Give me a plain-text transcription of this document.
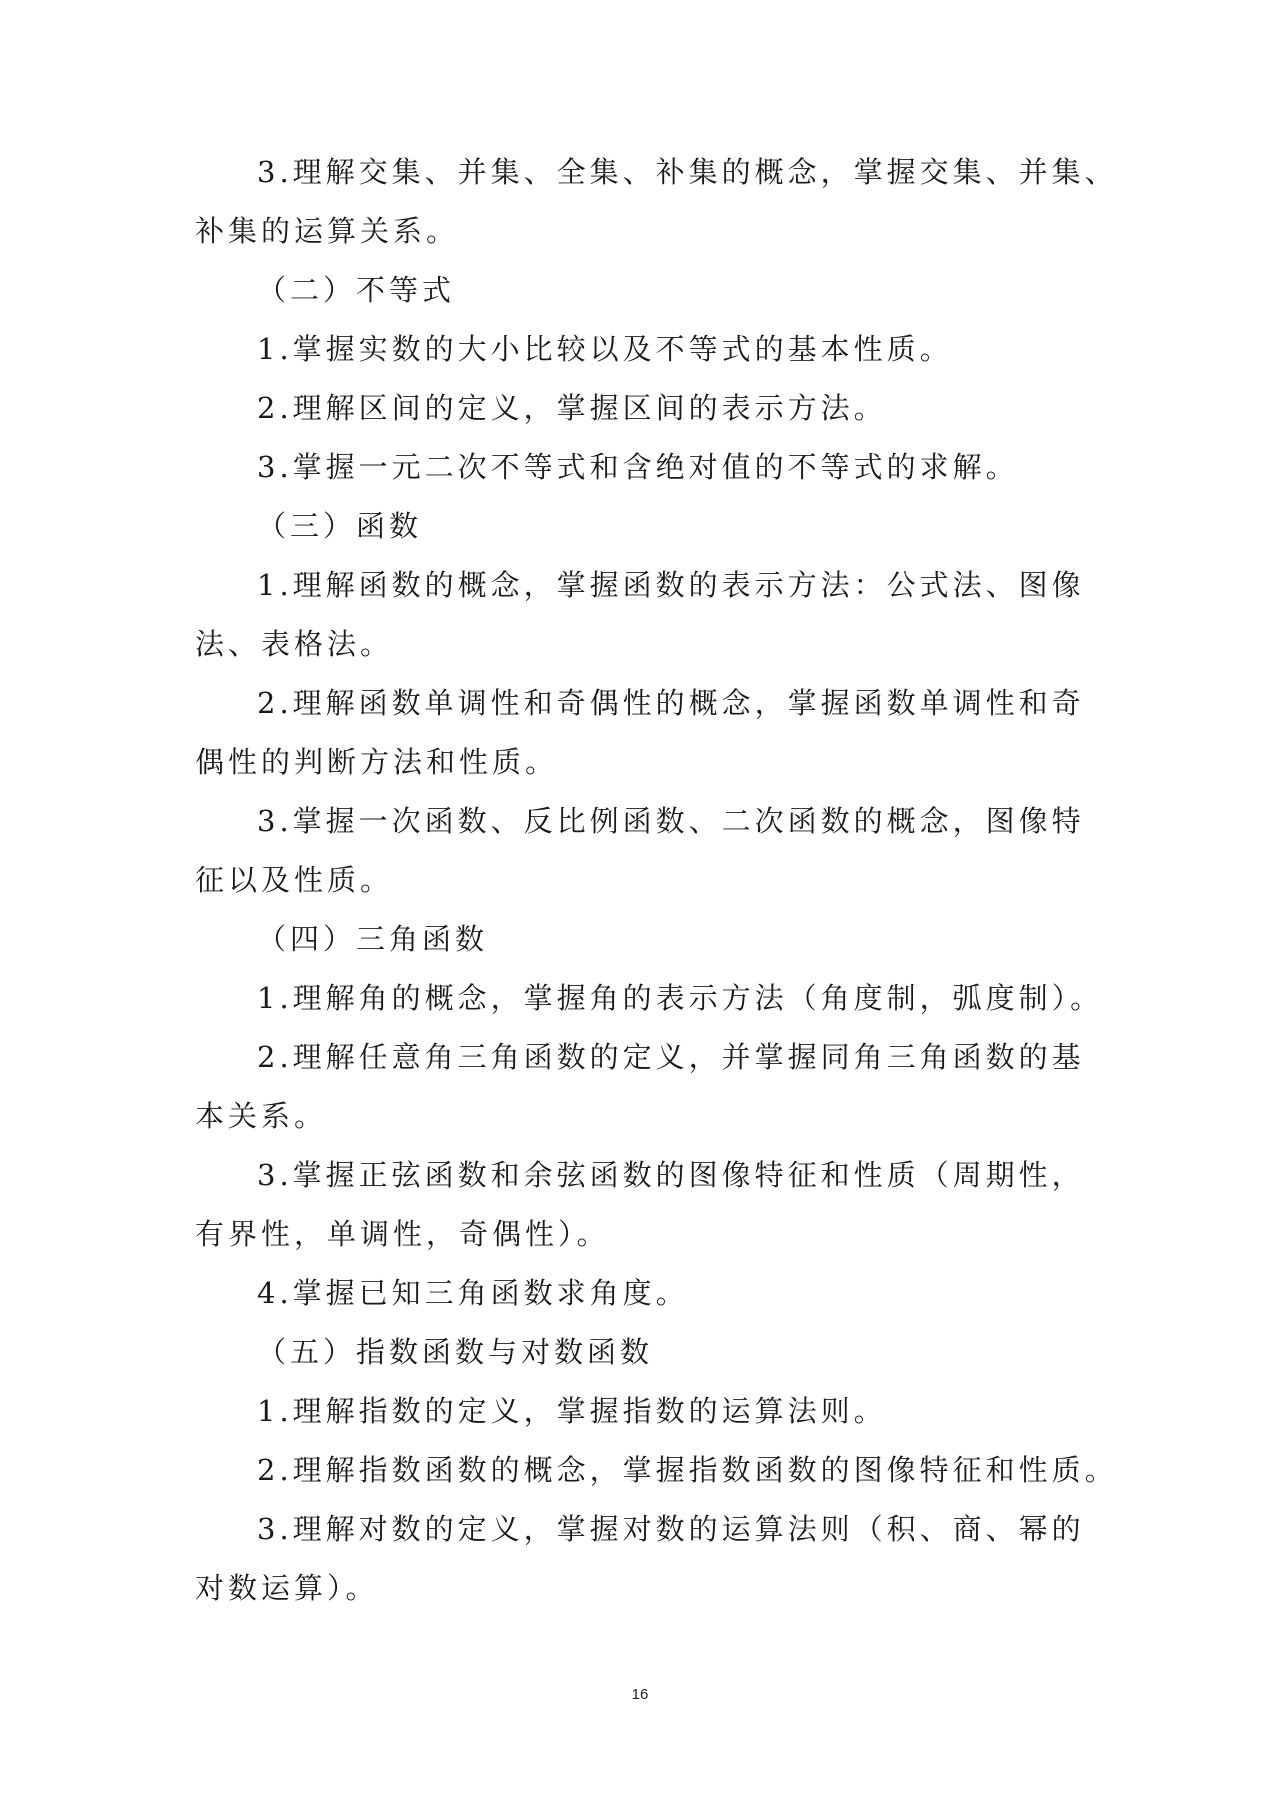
3.理解交集、并集、全集、补集的概念，掌握交集、并集、

补集的运算关系。

（二）不等式

1.掌握实数的大小比较以及不等式的基本性质。

2.理解区间的定义，掌握区间的表示方法。

3.掌握一元二次不等式和含绝对值的不等式的求解。

（三）函数

1.理解函数的概念，掌握函数的表示方法：公式法、图像

法、表格法。

2.理解函数单调性和奇偶性的概念，掌握函数单调性和奇

偶性的判断方法和性质。

3.掌握一次函数、反比例函数、二次函数的概念，图像特

征以及性质。

（四）三角函数

1.理解角的概念，掌握角的表示方法（角度制，弧度制）。

2.理解任意角三角函数的定义，并掌握同角三角函数的基

本关系。

3.掌握正弦函数和余弦函数的图像特征和性质（周期性，

有界性，单调性，奇偶性）。

4.掌握已知三角函数求角度。

（五）指数函数与对数函数

1.理解指数的定义，掌握指数的运算法则。

2.理解指数函数的概念，掌握指数函数的图像特征和性质。

3.理解对数的定义，掌握对数的运算法则（积、商、幂的

对数运算）。

16
